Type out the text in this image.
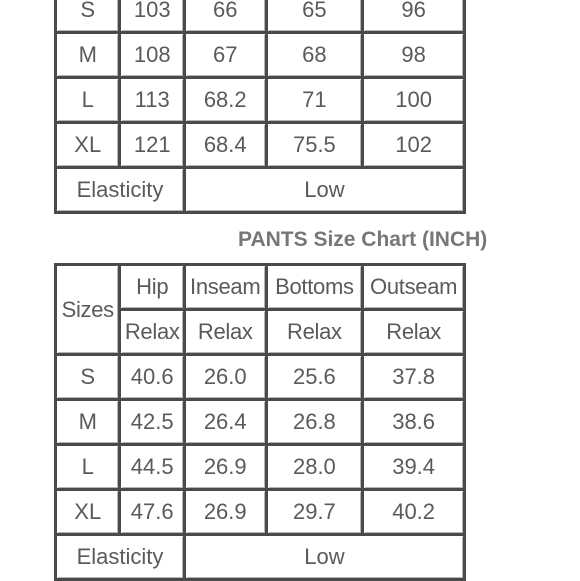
S	103	66	65	96
M	108	67	68	98
L	113	68.2	71	100
XL	121	68.4	75.5	102
Elasticity		Low		
PANTS Size Chart (INCH)
Sizes	Hip	Inseam	Bottoms	Outseam
	Relax	Relax	Relax	Relax
S	40.6	26.0	25.6	37.8
M	42.5	26.4	26.8	38.6
L	44.5	26.9	28.0	39.4
XL	47.6	26.9	29.7	40.2
Elasticity		Low		
